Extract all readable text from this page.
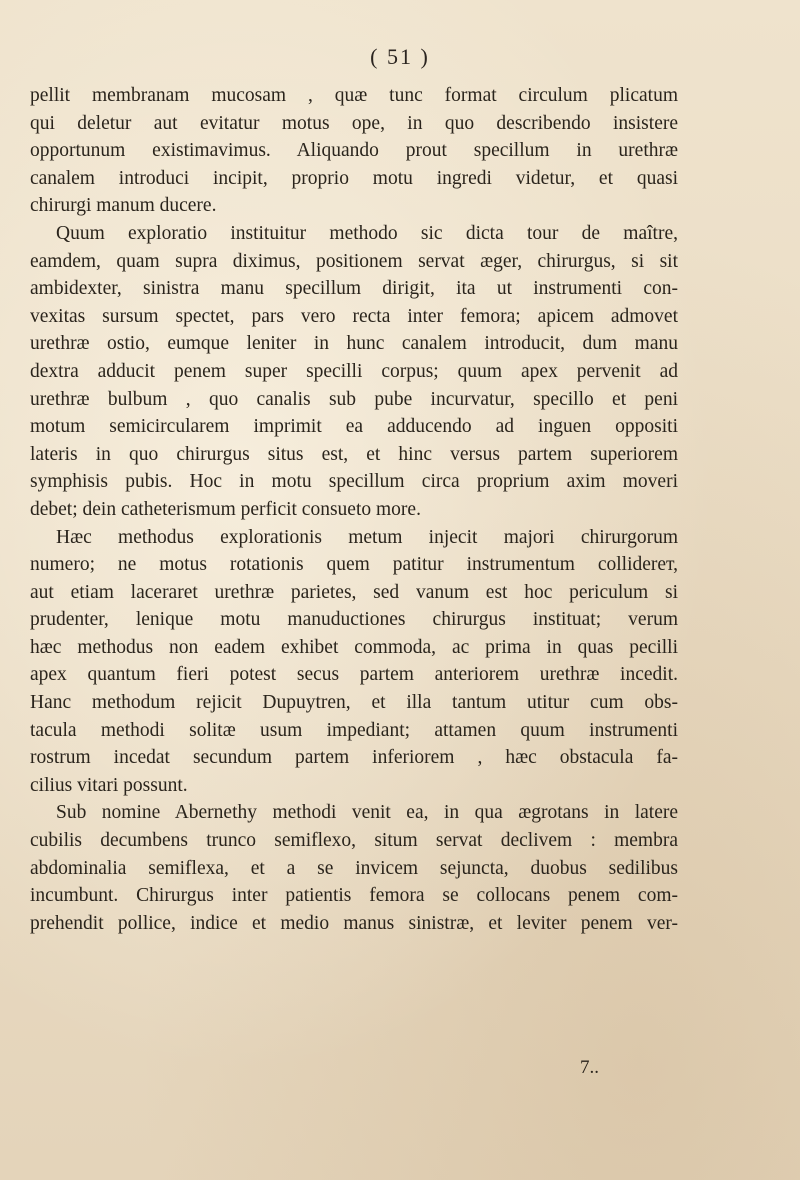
( 51 )
pellit membranam mucosam , quæ tunc format circulum plicatum
qui deletur aut evitatur motus ope, in quo describendo insistere
opportunum existimavimus. Aliquando prout specillum in urethræ
canalem introduci incipit, proprio motu ingredi videtur, et quasi
chirurgi manum ducere.
Quum exploratio instituitur methodo sic dicta tour de maître,
eamdem, quam supra diximus, positionem servat æger, chirurgus, si sit
ambidexter, sinistra manu specillum dirigit, ita ut instrumenti con-
vexitas sursum spectet, pars vero recta inter femora; apicem admovet
urethræ ostio, eumque leniter in hunc canalem introducit, dum manu
dextra adducit penem super specilli corpus; quum apex pervenit ad
urethræ bulbum , quo canalis sub pube incurvatur, specillo et peni
motum semicircularem imprimit ea adducendo ad inguen oppositi
lateris in quo chirurgus situs est, et hinc versus partem superiorem
symphisis pubis. Hoc in motu specillum circa proprium axim moveri
debet; dein catheterismum perficit consueto more.
Hæc methodus explorationis metum injecit majori chirurgorum
numero; ne motus rotationis quem patitur instrumentum colliderет,
aut etiam laceraret urethræ parietes, sed vanum est hoc periculum si
prudenter, lenique motu manuductiones chirurgus instituat; verum
hæc methodus non eadem exhibet commoda, ac prima in quas pecilli
apex quantum fieri potest secus partem anteriorem urethræ incedit.
Hanc methodum rejicit Dupuytren, et illa tantum utitur cum obs-
tacula methodi solitæ usum impediant; attamen quum instrumenti
rostrum incedat secundum partem inferiorem , hæc obstacula fa-
cilius vitari possunt.
Sub nomine Abernethy methodi venit ea, in qua ægrotans in latere
cubilis decumbens trunco semiflexo, situm servat declivem : membra
abdominalia semiflexa, et a se invicem sejuncta, duobus sedilibus
incumbunt. Chirurgus inter patientis femora se collocans penem com-
prehendit pollice, indice et medio manus sinistræ, et leviter penem ver-
7..
